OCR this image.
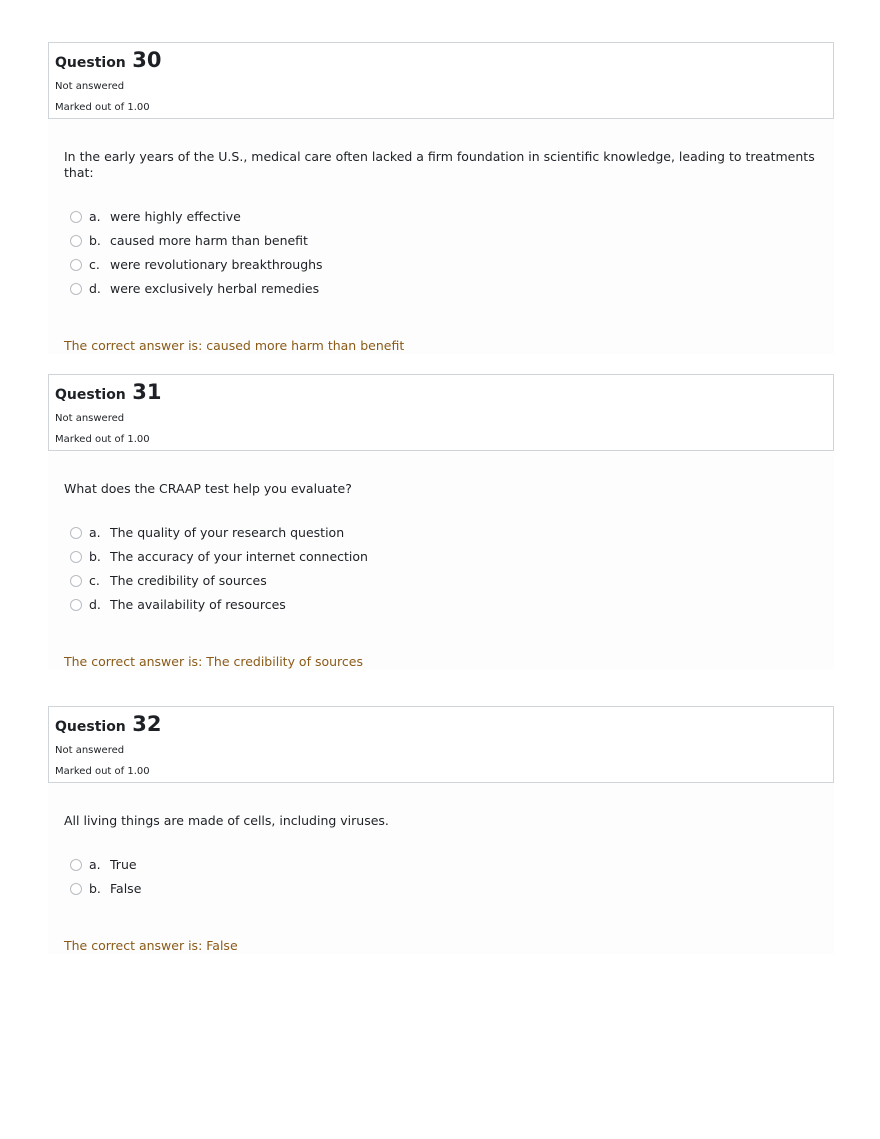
Question 30
Not answered
Marked out of 1.00

In the early years of the U.S., medical care often lacked a firm foundation in scientific knowledge, leading to treatments that:

a. were highly effective
b. caused more harm than benefit
c. were revolutionary breakthroughs
d. were exclusively herbal remedies

The correct answer is: caused more harm than benefit

Question 31
Not answered
Marked out of 1.00

What does the CRAAP test help you evaluate?

a. The quality of your research question
b. The accuracy of your internet connection
c. The credibility of sources
d. The availability of resources

The correct answer is: The credibility of sources

Question 32
Not answered
Marked out of 1.00

All living things are made of cells, including viruses.

a. True
b. False

The correct answer is: False
